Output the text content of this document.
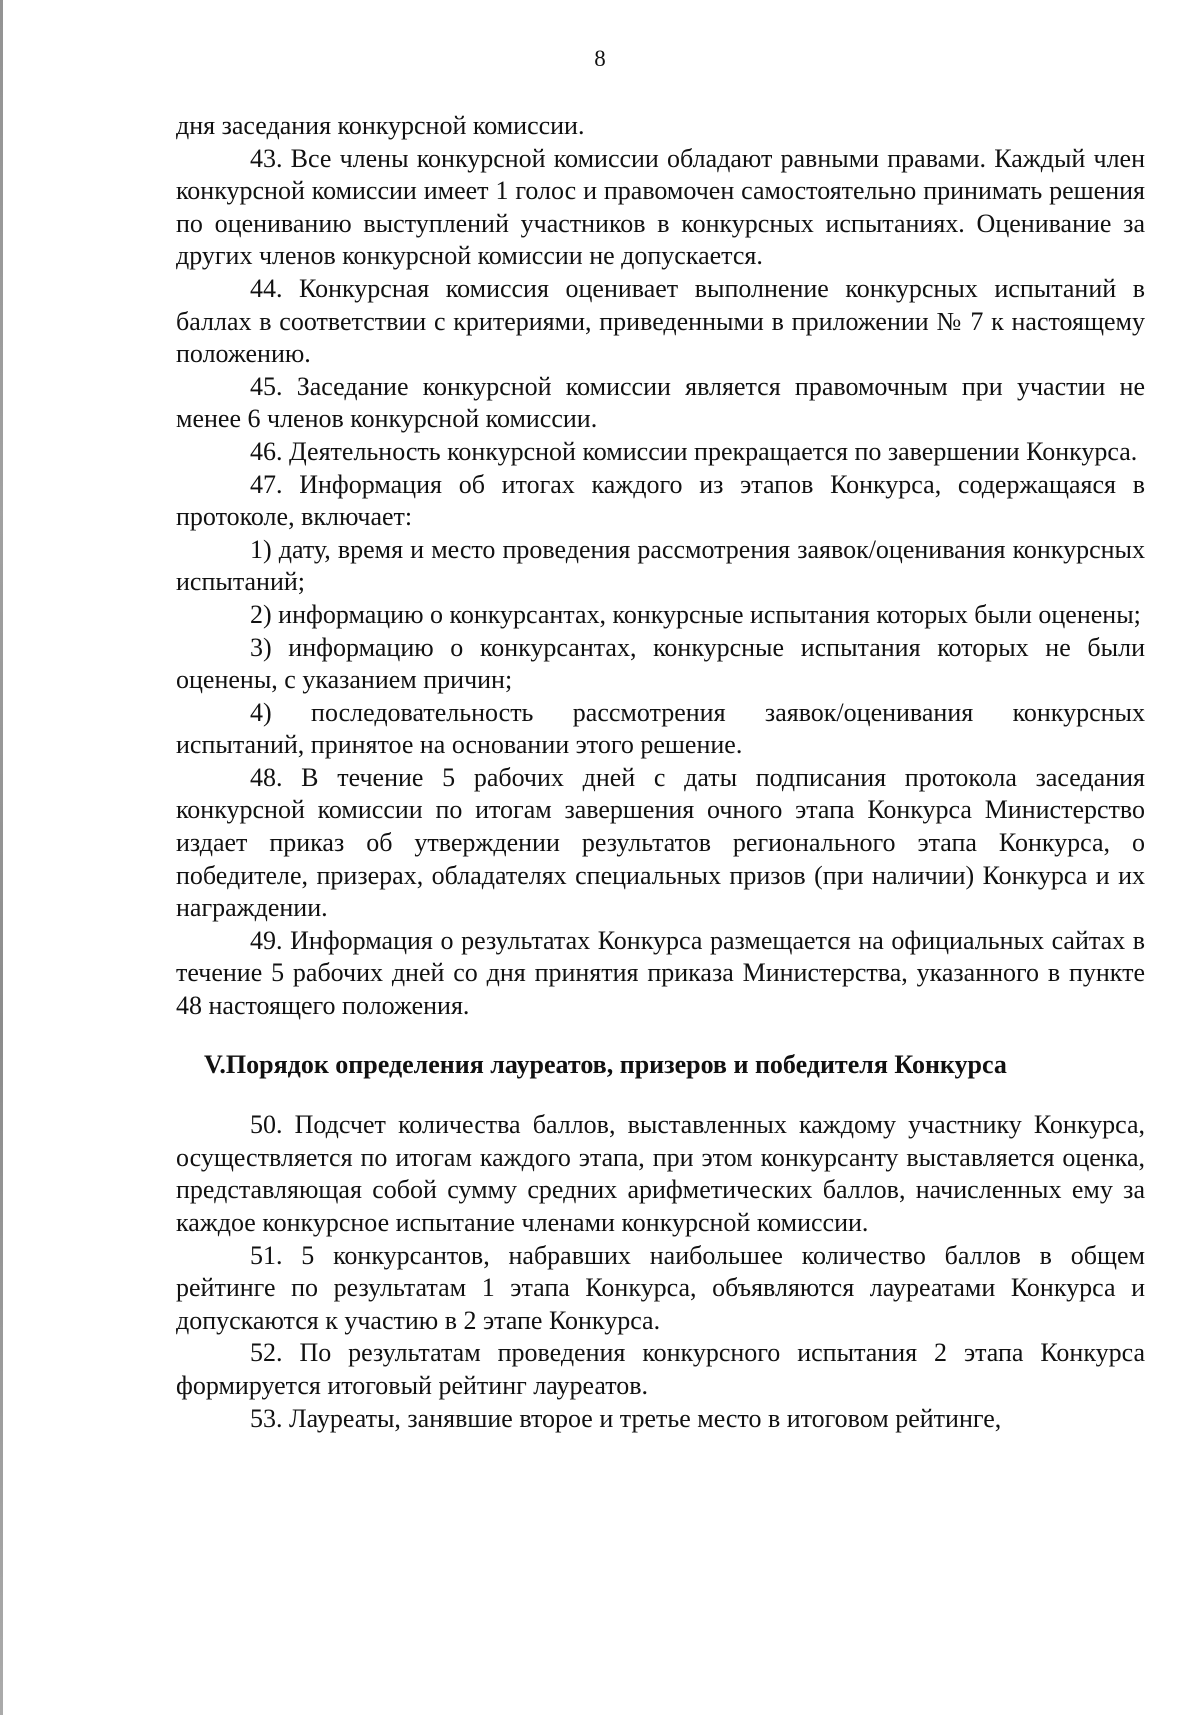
8

дня заседания конкурсной комиссии.

43. Все члены конкурсной комиссии обладают равными правами. Каждый член конкурсной комиссии имеет 1 голос и правомочен самостоятельно принимать решения по оцениванию выступлений участников в конкурсных испытаниях. Оценивание за других членов конкурсной комиссии не допускается.

44. Конкурсная комиссия оценивает выполнение конкурсных испытаний в баллах в соответствии с критериями, приведенными в приложении № 7 к настоящему положению.

45. Заседание конкурсной комиссии является правомочным при участии не менее 6 членов конкурсной комиссии.

46. Деятельность конкурсной комиссии прекращается по завершении Конкурса.

47. Информация об итогах каждого из этапов Конкурса, содержащаяся в протоколе, включает:

1) дату, время и место проведения рассмотрения заявок/оценивания конкурсных испытаний;

2) информацию о конкурсантах, конкурсные испытания которых были оценены;

3) информацию о конкурсантах, конкурсные испытания которых не были оценены, с указанием причин;

4) последовательность рассмотрения заявок/оценивания конкурсных испытаний, принятое на основании этого решение.

48. В течение 5 рабочих дней с даты подписания протокола заседания конкурсной комиссии по итогам завершения очного этапа Конкурса Министерство издает приказ об утверждении результатов регионального этапа Конкурса, о победителе, призерах, обладателях специальных призов (при наличии) Конкурса и их награждении.

49. Информация о результатах Конкурса размещается на официальных сайтах в течение 5 рабочих дней со дня принятия приказа Министерства, указанного в пункте 48 настоящего положения.

V.Порядок определения лауреатов, призеров и победителя Конкурса

50. Подсчет количества баллов, выставленных каждому участнику Конкурса, осуществляется по итогам каждого этапа, при этом конкурсанту выставляется оценка, представляющая собой сумму средних арифметических баллов, начисленных ему за каждое конкурсное испытание членами конкурсной комиссии.

51. 5 конкурсантов, набравших наибольшее количество баллов в общем рейтинге по результатам 1 этапа Конкурса, объявляются лауреатами Конкурса и допускаются к участию в 2 этапе Конкурса.

52. По результатам проведения конкурсного испытания 2 этапа Конкурса формируется итоговый рейтинг лауреатов.

53. Лауреаты, занявшие второе и третье место в итоговом рейтинге,
